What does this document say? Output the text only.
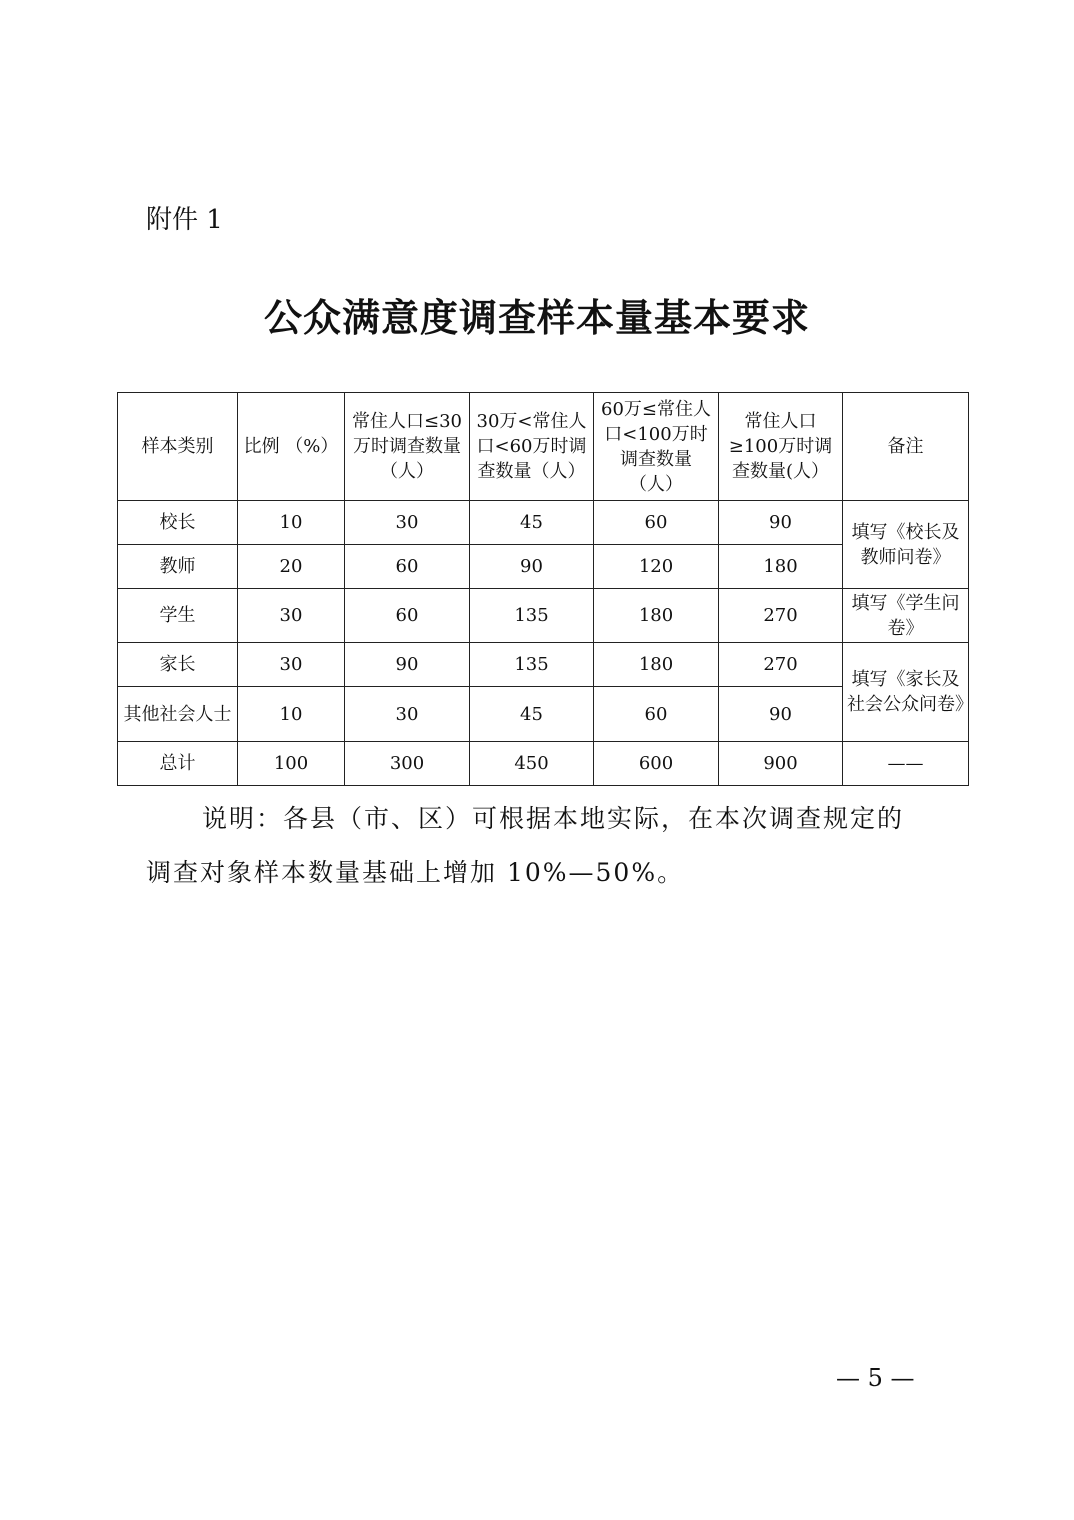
附件 1
公众满意度调查样本量基本要求
样本类别	比例 （%）	常住人口≤30万时调查数量（人）	30万<常住人口<60万时调查数量（人）	60万≤常住人口<100万时调查数量（人）	常住人口≥100万时调查数量(人）	备注
校长	10	30	45	60	90	填写《校长及教师问卷》
教师	20	60	90	120	180	
学生	30	60	135	180	270	填写《学生问卷》
家长	30	90	135	180	270	填写《家长及社会公众问卷》
其他社会人士	10	30	45	60	90	
总计	100	300	450	600	900	——
说明：各县（市、区）可根据本地实际，在本次调查规定的
调查对象样本数量基础上增加 10%—50%。
— 5 —
